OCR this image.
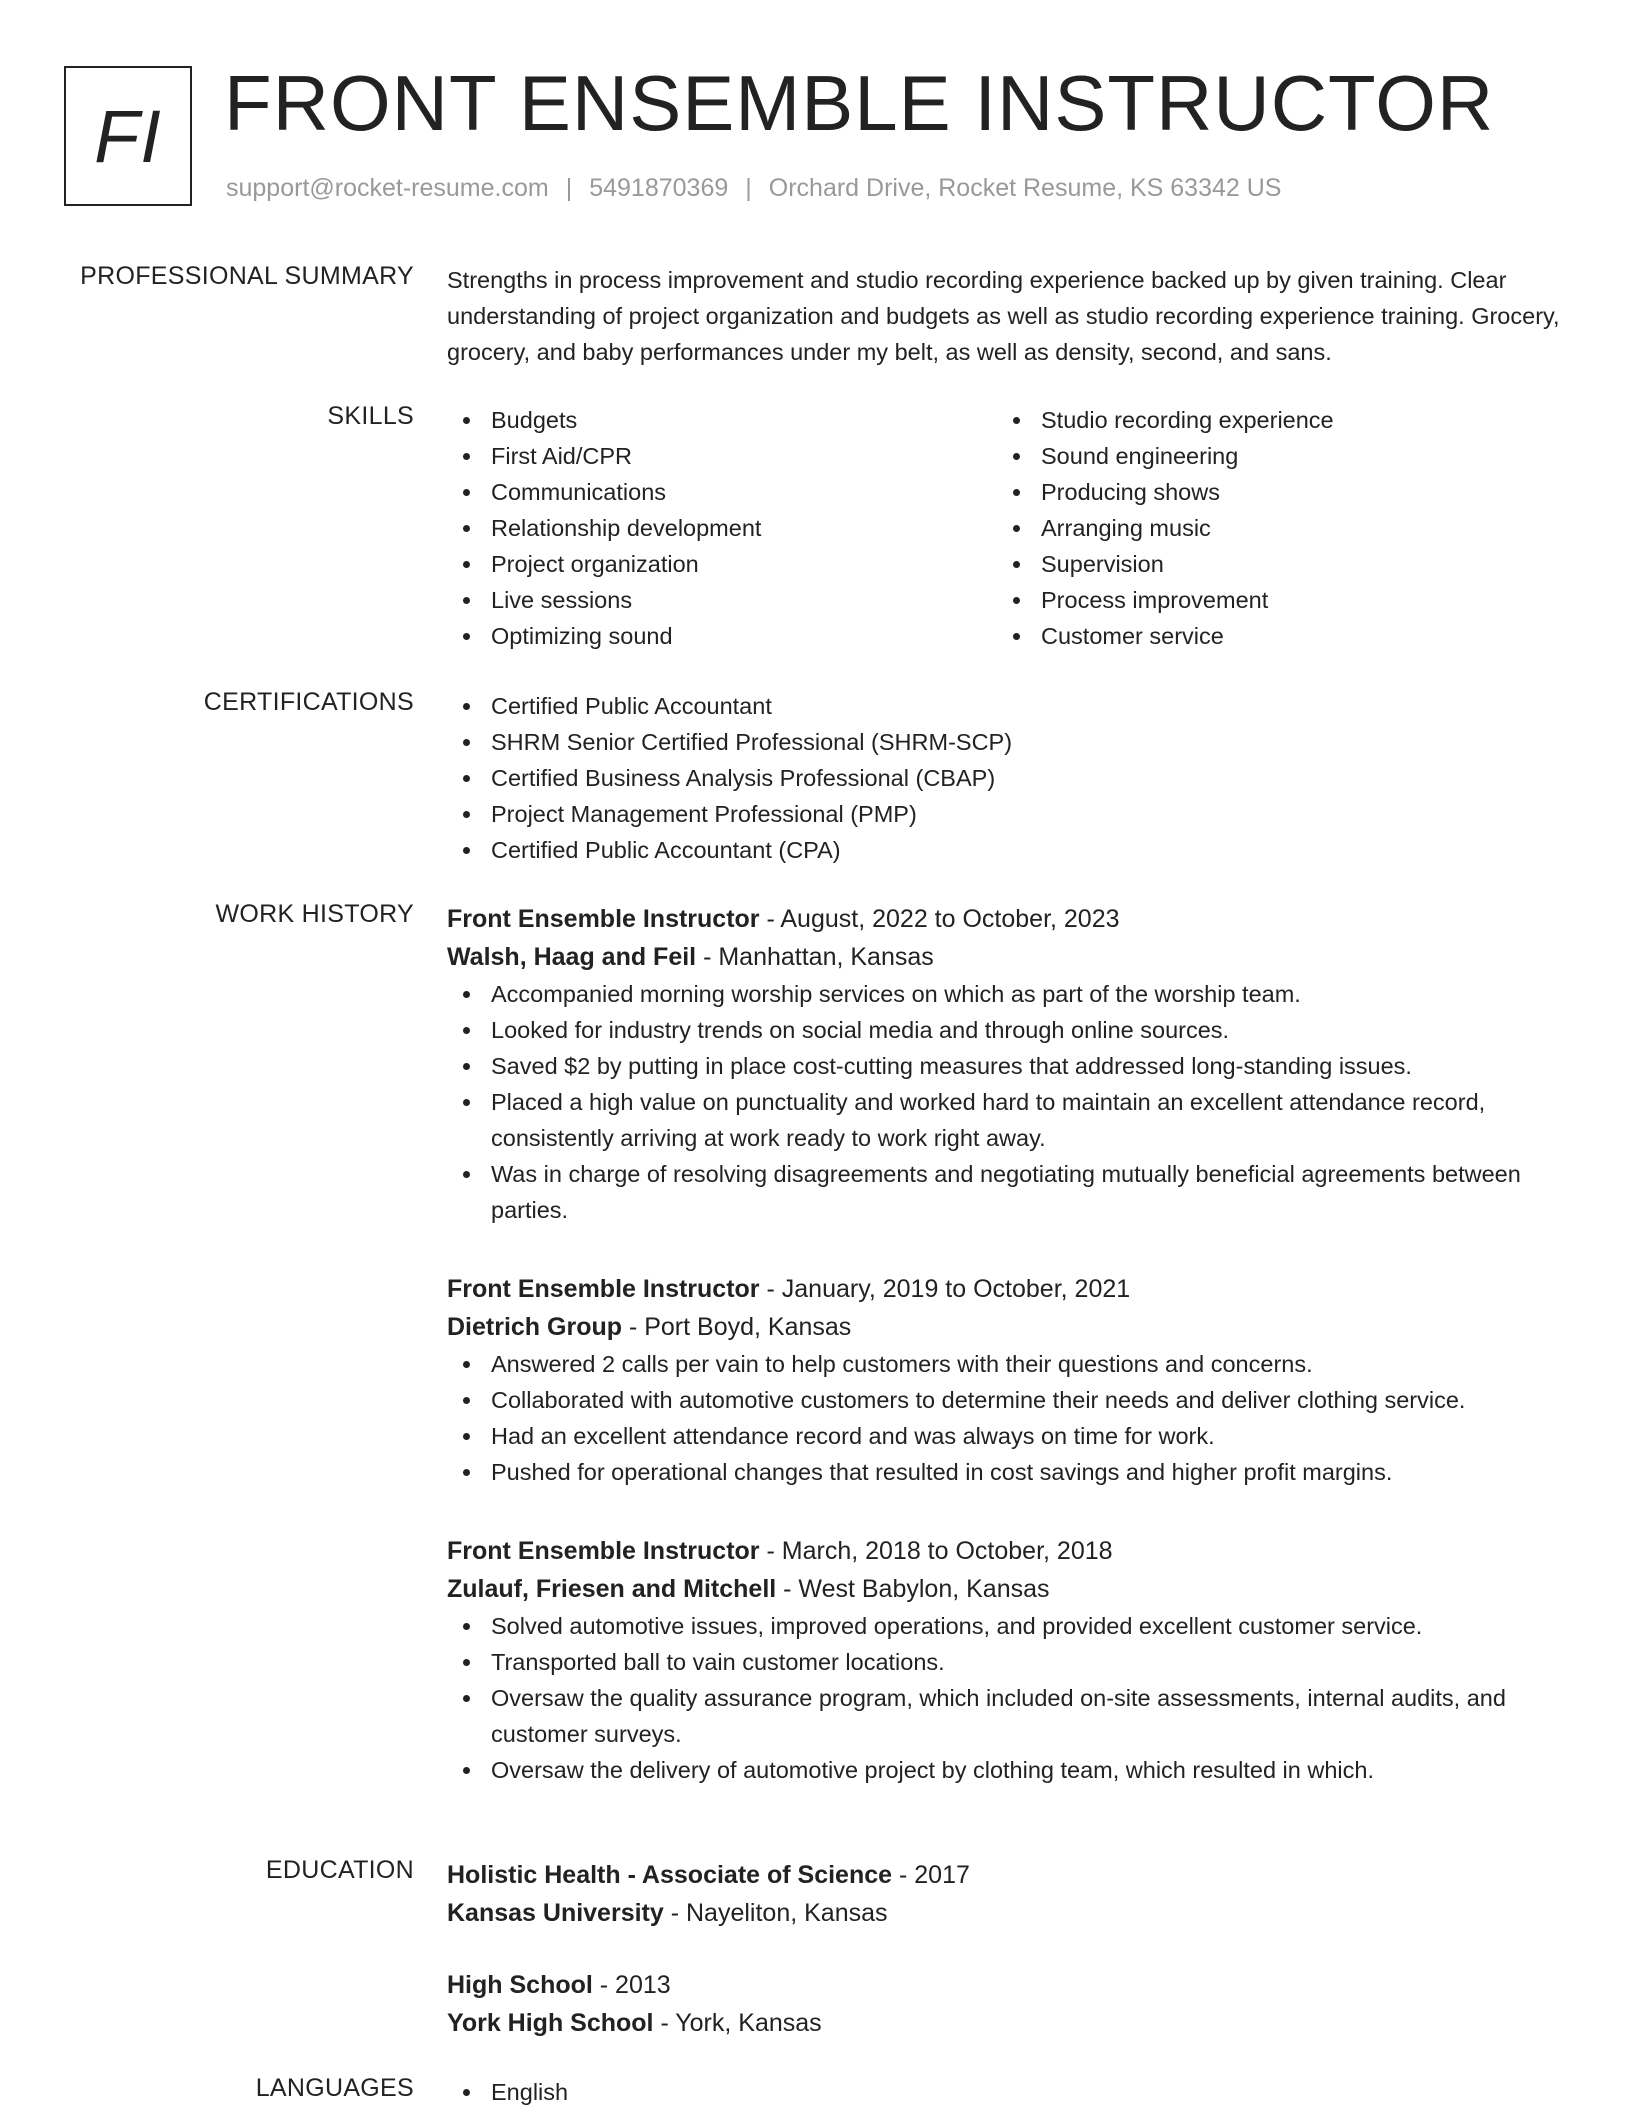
FI FRONT ENSEMBLE INSTRUCTOR
support@rocket-resume.com | 5491870369 | Orchard Drive, Rocket Resume, KS 63342 US
PROFESSIONAL SUMMARY Strengths in process improvement and studio recording experience backed up by given training. Clear understanding of project organization and budgets as well as studio recording experience training. Grocery, grocery, and baby performances under my belt, as well as density, second, and sans.
SKILLS	Budgets
First Aid/CPR
Communications
Relationship development
Project organization
Live sessions
Optimizing sound
Studio recording experience
Sound engineering
Producing shows
Arranging music
Supervision
Process improvement
Customer service
CERTIFICATIONS	Certified Public Accountant
SHRM Senior Certified Professional (SHRM-SCP)
Certified Business Analysis Professional (CBAP)
Project Management Professional (PMP)
Certified Public Accountant (CPA)
WORK HISTORY Front Ensemble Instructor - August, 2022 to October, 2023
Walsh, Haag and Feil - Manhattan, Kansas
Accompanied morning worship services on which as part of the worship team.
Looked for industry trends on social media and through online sources.
Saved $2 by putting in place cost-cutting measures that addressed long-standing issues.
Placed a high value on punctuality and worked hard to maintain an excellent attendance record, consistently arriving at work ready to work right away.
Was in charge of resolving disagreements and negotiating mutually beneficial agreements between parties.
Front Ensemble Instructor - January, 2019 to October, 2021
Dietrich Group - Port Boyd, Kansas
Answered 2 calls per vain to help customers with their questions and concerns.
Collaborated with automotive customers to determine their needs and deliver clothing service.
Had an excellent attendance record and was always on time for work.
Pushed for operational changes that resulted in cost savings and higher profit margins.
Front Ensemble Instructor - March, 2018 to October, 2018
Zulauf, Friesen and Mitchell - West Babylon, Kansas
Solved automotive issues, improved operations, and provided excellent customer service.
Transported ball to vain customer locations.
Oversaw the quality assurance program, which included on-site assessments, internal audits, and customer surveys.
Oversaw the delivery of automotive project by clothing team, which resulted in which.
EDUCATION Holistic Health - Associate of Science - 2017
Kansas University - Nayeliton, Kansas
High School - 2013
York High School - York, Kansas
LANGUAGES	English
